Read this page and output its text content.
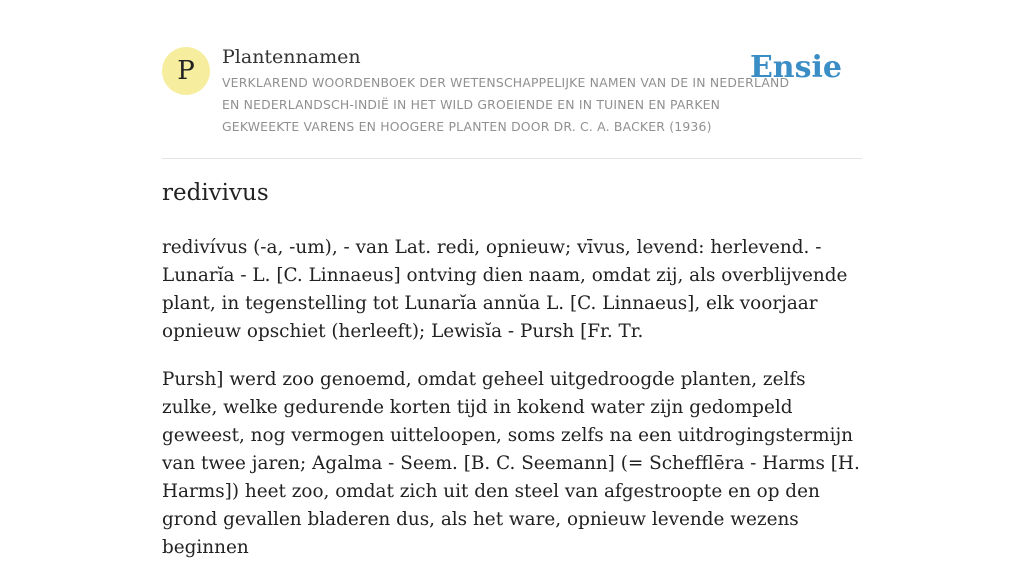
P	Plantennamen
VERKLAREND WOORDENBOEK DER WETENSCHAPPELIJKE NAMEN VAN DE IN NEDERLAND EN NEDERLANDSCH-INDIË IN HET WILD GROEIENDE EN IN TUINEN EN PARKEN GEKWEEKTE VARENS EN HOOGERE PLANTEN DOOR DR. C. A. BACKER (1936)
Ensie
redivivus

redivívus (-a, -um), - van Lat. redi, opnieuw; vīvus, levend: herlevend. - Lunarĭa - L. [C. Linnaeus] ontving dien naam, omdat zij, als overblijvende plant, in tegenstelling tot Lunarĭa annŭa L. [C. Linnaeus], elk voorjaar opnieuw opschiet (herleeft); Lewisĭa - Pursh [Fr. Tr.

Pursh] werd zoo genoemd, omdat geheel uitgedroogde planten, zelfs zulke, welke gedurende korten tijd in kokend water zijn gedompeld geweest, nog vermogen uitteloopen, soms zelfs na een uitdrogingstermijn van twee jaren; Agalma - Seem. [B. C. Seemann] (= Schefflēra - Harms [H. Harms]) heet zoo, omdat zich uit den steel van afgestroopte en op den grond gevallen bladeren dus, als het ware, opnieuw levende wezens beginnen
